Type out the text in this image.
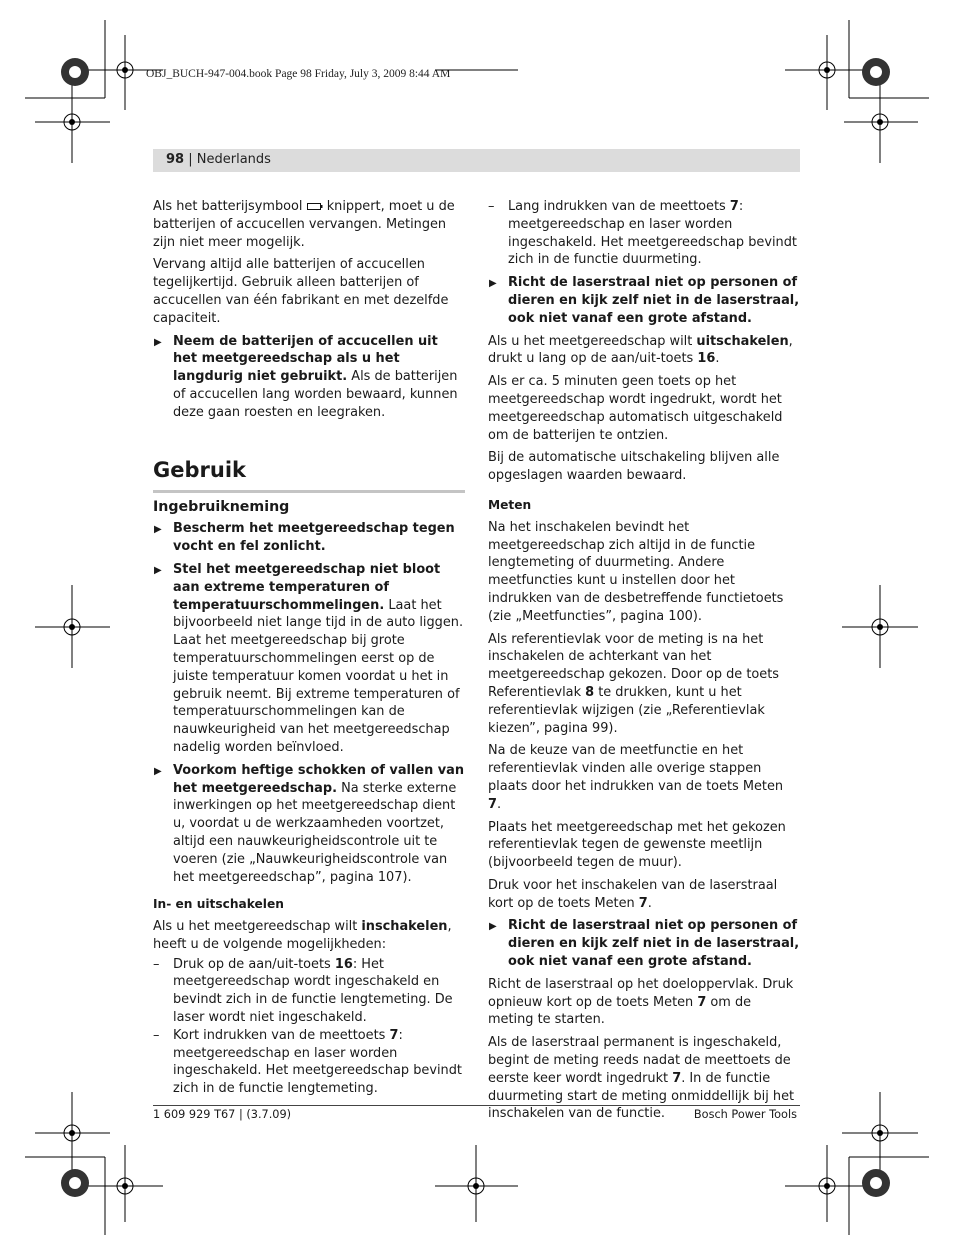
OBJ_BUCH-947-004.book Page 98 Friday, July 3, 2009 8:44 AM
98 | Nederlands

Als het batterijsymbool knippert, moet u de batterijen of accucellen vervangen. Metingen zijn niet meer mogelijk.

Vervang altijd alle batterijen of accucellen tegelijkertijd. Gebruik alleen batterijen of accucellen van één fabrikant en met dezelfde capaciteit.

▶ Neem de batterijen of accucellen uit het meetgereedschap als u het langdurig niet gebruikt. Als de batterijen of accucellen lang worden bewaard, kunnen deze gaan roesten en leegraken.
Gebruik
Ingebruikneming
▶ Bescherm het meetgereedschap tegen vocht en fel zonlicht.
▶ Stel het meetgereedschap niet bloot aan extreme temperaturen of temperatuurschommelingen. Laat het bijvoorbeeld niet lange tijd in de auto liggen. Laat het meetgereedschap bij grote temperatuurschommelingen eerst op de juiste temperatuur komen voordat u het in gebruik neemt. Bij extreme temperaturen of temperatuurschommelingen kan de nauwkeurigheid van het meetgereedschap nadelig worden beïnvloed.
▶ Voorkom heftige schokken of vallen van het meetgereedschap. Na sterke externe inwerkingen op het meetgereedschap dient u, voordat u de werkzaamheden voortzet, altijd een nauwkeurigheidscontrole uit te voeren (zie „Nauwkeurigheidscontrole van het meetgereedschap”, pagina 107).
In- en uitschakelen

Als u het meetgereedschap wilt inschakelen, heeft u de volgende mogelijkheden:

– Druk op de aan/uit-toets 16: Het meetgereedschap wordt ingeschakeld en bevindt zich in de functie lengtemeting. De laser wordt niet ingeschakeld.
– Kort indrukken van de meettoets 7: meetgereedschap en laser worden ingeschakeld. Het meetgereedschap bevindt zich in de functie lengtemeting.
– Lang indrukken van de meettoets 7: meetgereedschap en laser worden ingeschakeld. Het meetgereedschap bevindt zich in de functie duurmeting.
▶ Richt de laserstraal niet op personen of dieren en kijk zelf niet in de laserstraal, ook niet vanaf een grote afstand.

Als u het meetgereedschap wilt uitschakelen, drukt u lang op de aan/uit-toets 16.

Als er ca. 5 minuten geen toets op het meetgereedschap wordt ingedrukt, wordt het meetgereedschap automatisch uitgeschakeld om de batterijen te ontzien.

Bij de automatische uitschakeling blijven alle opgeslagen waarden bewaard.

Meten

Na het inschakelen bevindt het meetgereedschap zich altijd in de functie lengtemeting of duurmeting. Andere meetfuncties kunt u instellen door het indrukken van de desbetreffende functietoets (zie „Meetfuncties”, pagina 100).

Als referentievlak voor de meting is na het inschakelen de achterkant van het meetgereedschap gekozen. Door op de toets Referentievlak 8 te drukken, kunt u het referentievlak wijzigen (zie „Referentievlak kiezen”, pagina 99).

Na de keuze van de meetfunctie en het referentievlak vinden alle overige stappen plaats door het indrukken van de toets Meten 7.

Plaats het meetgereedschap met het gekozen referentievlak tegen de gewenste meetlijn (bijvoorbeeld tegen de muur).

Druk voor het inschakelen van de laserstraal kort op de toets Meten 7.

▶ Richt de laserstraal niet op personen of dieren en kijk zelf niet in de laserstraal, ook niet vanaf een grote afstand.

Richt de laserstraal op het doeloppervlak. Druk opnieuw kort op de toets Meten 7 om de meting te starten.

Als de laserstraal permanent is ingeschakeld, begint de meting reeds nadat de meettoets de eerste keer wordt ingedrukt 7. In de functie duurmeting start de meting onmiddellijk bij het inschakelen van de functie.

1 609 929 T67 | (3.7.09)	Bosch Power Tools
